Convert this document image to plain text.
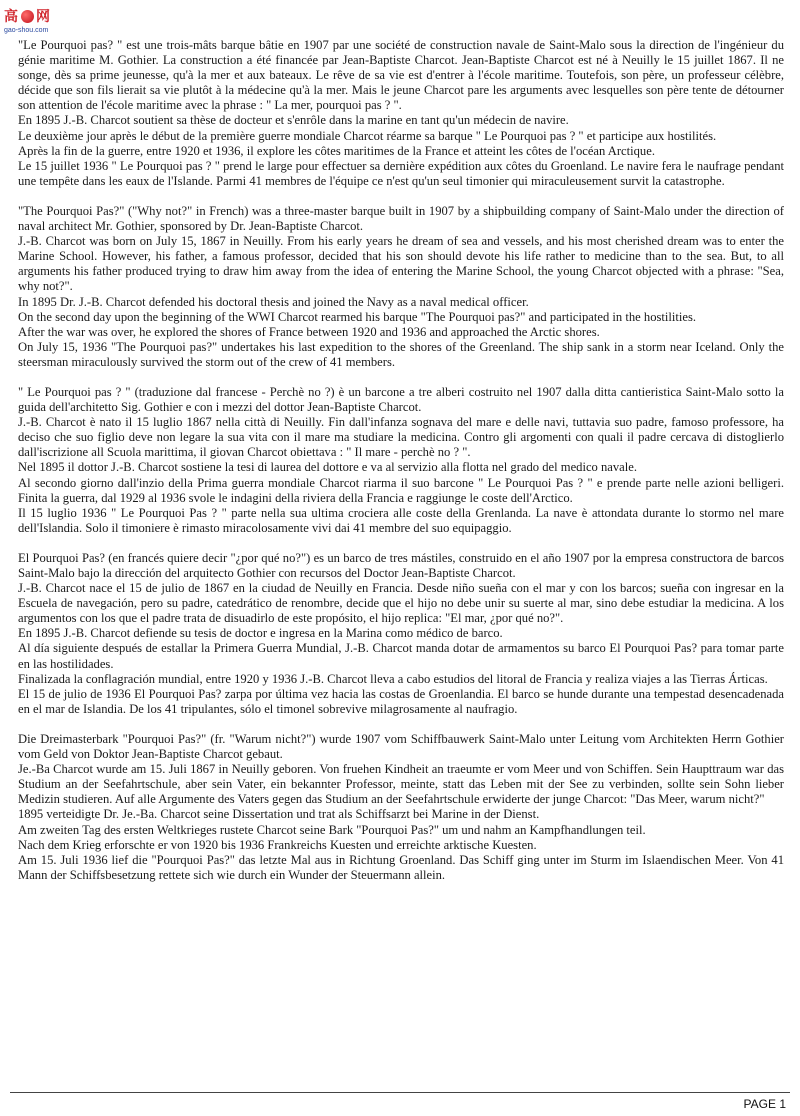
高 网
gao-shou.com

"Le Pourquoi pas? " est une trois-mâts barque bâtie en 1907 par une société de construction navale de Saint-Malo sous la direction de l'ingénieur du génie maritime M. Gothier. La construction a été financée par Jean-Baptiste Charcot. Jean-Baptiste Charcot est né à Neuilly le 15 juillet 1867. Il ne songe, dès sa prime jeunesse, qu'à la mer et aux bateaux. Le rêve de sa vie est d'entrer à l'école maritime. Toutefois, son père, un professeur célèbre, décide que son fils lierait sa vie plutôt à la médecine qu'à la mer. Mais le jeune Charcot pare les arguments avec lesquelles son père tente de détourner son attention de l'école maritime avec la phrase : " La mer, pourquoi pas ? ".

En 1895 J.-B. Charcot soutient sa thèse de docteur et s'enrôle dans la marine en tant qu'un médecin de navire.

Le deuxième jour après le début de la première guerre mondiale Charcot réarme sa barque " Le Pourquoi pas ? " et participe aux hostilités.

Après la fin de la guerre, entre 1920 et 1936, il explore les côtes maritimes de la France et atteint les côtes de l'océan Arctique.

Le 15 juillet 1936 " Le Pourquoi pas ? " prend le large pour effectuer sa dernière expédition aux côtes du Groenland. Le navire fera le naufrage pendant une tempête dans les eaux de l'Islande. Parmi 41 membres de l'équipe ce n'est qu'un seul timonier qui miraculeusement survit la catastrophe.

"The Pourquoi Pas?" ("Why not?" in French) was a three-master barque built in 1907 by a shipbuilding company of Saint-Malo under the direction of naval architect Mr. Gothier, sponsored by Dr. Jean-Baptiste Charcot.

J.-B. Charcot was born on July 15, 1867 in Neuilly. From his early years he dream of sea and vessels, and his most cherished dream was to enter the Marine School. However, his father, a famous professor, decided that his son should devote his life rather to medicine than to the sea. But, to all arguments his father produced trying to draw him away from the idea of entering the Marine School, the young Charcot objected with a phrase: "Sea, why not?".

In 1895 Dr. J.-B. Charcot defended his doctoral thesis and joined the Navy as a naval medical officer.

On the second day upon the beginning of the WWI Charcot rearmed his barque "The Pourquoi pas?" and participated in the hostilities.

After the war was over, he explored the shores of France between 1920 and 1936 and approached the Arctic shores.

On July 15, 1936 "The Pourquoi pas?" undertakes his last expedition to the shores of the Greenland. The ship sank in a storm near Iceland. Only the steersman miraculously survived the storm out of the crew of 41 members.

" Le Pourquoi pas ? " (traduzione dal francese - Perchè no ?) è un barcone a tre alberi costruito nel 1907 dalla ditta cantieristica Saint-Malo sotto la guida dell'architetto Sig. Gothier e con i mezzi del dottor Jean-Baptiste Charcot.

J.-B. Charcot è nato il 15 luglio 1867 nella città di Neuilly. Fin dall'infanza sognava del mare e delle navi, tuttavia suo padre, famoso professore, ha deciso che suo figlio deve non legare la sua vita con il mare ma studiare la medicina. Contro gli argomenti con quali il padre cercava di distoglierlo dall'iscrizione all Scuola marittima, il giovan Charcot obiettava : " Il mare - perchè no ? ".

Nel 1895 il dottor J.-B. Charcot sostiene la tesi di laurea del dottore e va al servizio alla flotta nel grado del medico navale.

Al secondo giorno dall'inzio della Prima guerra mondiale Charcot riarma il suo barcone " Le Pourquoi Pas ? " e prende parte nelle azioni belligeri. Finita la guerra, dal 1929 al 1936 svole le indagini della riviera della Francia e raggiunge le coste dell'Arctico.

Il 15 luglio 1936 " Le Pourquoi Pas ? " parte nella sua ultima crociera alle coste della Grenlanda. La nave è attondata durante lo stormo nel mare dell'Islandia. Solo il timoniere è rimasto miracolosamente vivi dai 41 membre del suo equipaggio.

El Pourquoi Pas? (en francés quiere decir "¿por qué no?") es un barco de tres mástiles, construido en el año 1907 por la empresa constructora de barcos Saint-Malo bajo la dirección del arquitecto Gothier con recursos del Doctor Jean-Baptiste Charcot.

J.-B. Charcot nace el 15 de julio de 1867 en la ciudad de Neuilly en Francia. Desde niño sueña con el mar y con los barcos; sueña con ingresar en la Escuela de navegación, pero su padre, catedrático de renombre, decide que el hijo no debe unir su suerte al mar, sino debe estudiar la medicina. A los argumentos con los que el padre trata de disuadirlo de este propósito, el hijo replica: "El mar, ¿por qué no?".

En 1895 J.-B. Charcot defiende su tesis de doctor e ingresa en la Marina como médico de barco.

Al día siguiente después de estallar la Primera Guerra Mundial, J.-B. Charcot manda dotar de armamentos su barco El Pourquoi Pas? para tomar parte en las hostilidades.

Finalizada la conflagración mundial, entre 1920 y 1936 J.-B. Charcot lleva a cabo estudios del litoral de Francia y realiza viajes a las Tierras Árticas.

El 15 de julio de 1936 El Pourquoi Pas? zarpa por última vez hacia las costas de Groenlandia. El barco se hunde durante una tempestad desencadenada en el mar de Islandia. De los 41 tripulantes, sólo el timonel sobrevive milagrosamente al naufragio.

Die Dreimasterbark "Pourquoi Pas?" (fr. "Warum nicht?") wurde 1907 vom Schiffbauwerk Saint-Malo unter Leitung vom Architekten Herrn Gothier vom Geld von Doktor Jean-Baptiste Charcot gebaut.

Je.-Ba Charcot wurde am 15. Juli 1867 in Neuilly geboren. Von fruehen Kindheit an traeumte er vom Meer und von Schiffen. Sein Haupttraum war das Studium an der Seefahrtschule, aber sein Vater, ein bekannter Professor, meinte, statt das Leben mit der See zu verbinden, sollte sein Sohn lieber Medizin studieren. Auf alle Argumente des Vaters gegen das Studium an der Seefahrtschule erwiderte der junge Charcot: "Das Meer, warum nicht?"

1895 verteidigte Dr. Je.-Ba. Charcot seine Dissertation und trat als Schiffsarzt bei Marine in der Dienst.

Am zweiten Tag des ersten Weltkrieges rustete Charcot seine Bark "Pourquoi Pas?" um und nahm an Kampfhandlungen teil.

Nach dem Krieg erforschte er von 1920 bis 1936 Frankreichs Kuesten und erreichte arktische Kuesten.

Am 15. Juli 1936 lief die "Pourquoi Pas?" das letzte Mal aus in Richtung Groenland. Das Schiff ging unter im Sturm im Islaendischen Meer. Von 41 Mann der Schiffsbesetzung rettete sich wie durch ein Wunder der Steuermann allein.

PAGE 1
